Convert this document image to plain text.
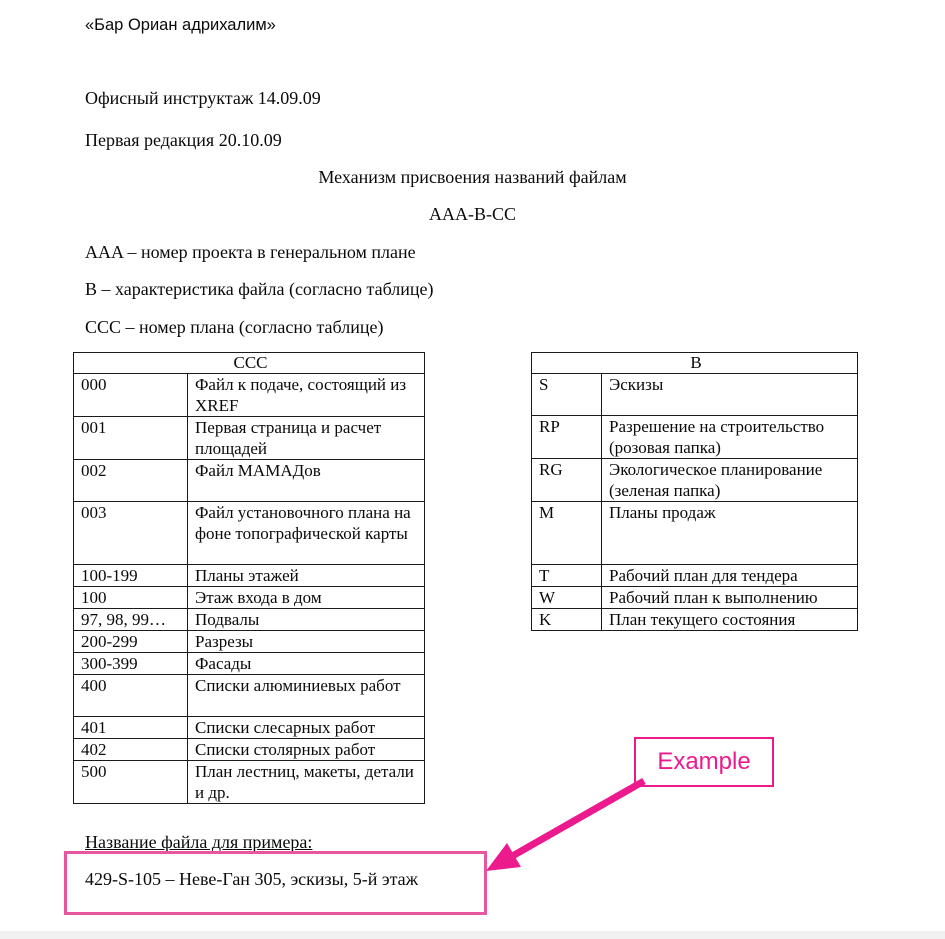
«Бар Ориан адрихалим»
Офисный инструктаж 14.09.09
Первая редакция 20.10.09
Механизм присвоения названий файлам
AAA-B-CC
AAA – номер проекта в генеральном плане
B – характеристика файла (согласно таблице)
CCC – номер плана (согласно таблице)
CCC	
000	Файл к подаче, состоящий из XREF
001	Первая страница и расчет площадей
002	Файл МАМАДов
003	Файл установочного плана на фоне топографической карты
100-199	Планы этажей
100	Этаж входа в дом
97, 98, 99…	Подвалы
200-299	Разрезы
300-399	Фасады
400	Списки алюминиевых работ
401	Списки слесарных работ
402	Списки столярных работ
500	План лестниц, макеты, детали и др.
B	
S	Эскизы
RP	Разрешение на строительство (розовая папка)
RG	Экологическое планирование (зеленая папка)
M	Планы продаж
T	Рабочий план для тендера
W	Рабочий план к выполнению
K	План текущего состояния
Название файла для примера:
429-S-105 – Неве-Ган 305, эскизы, 5-й этаж
Example
